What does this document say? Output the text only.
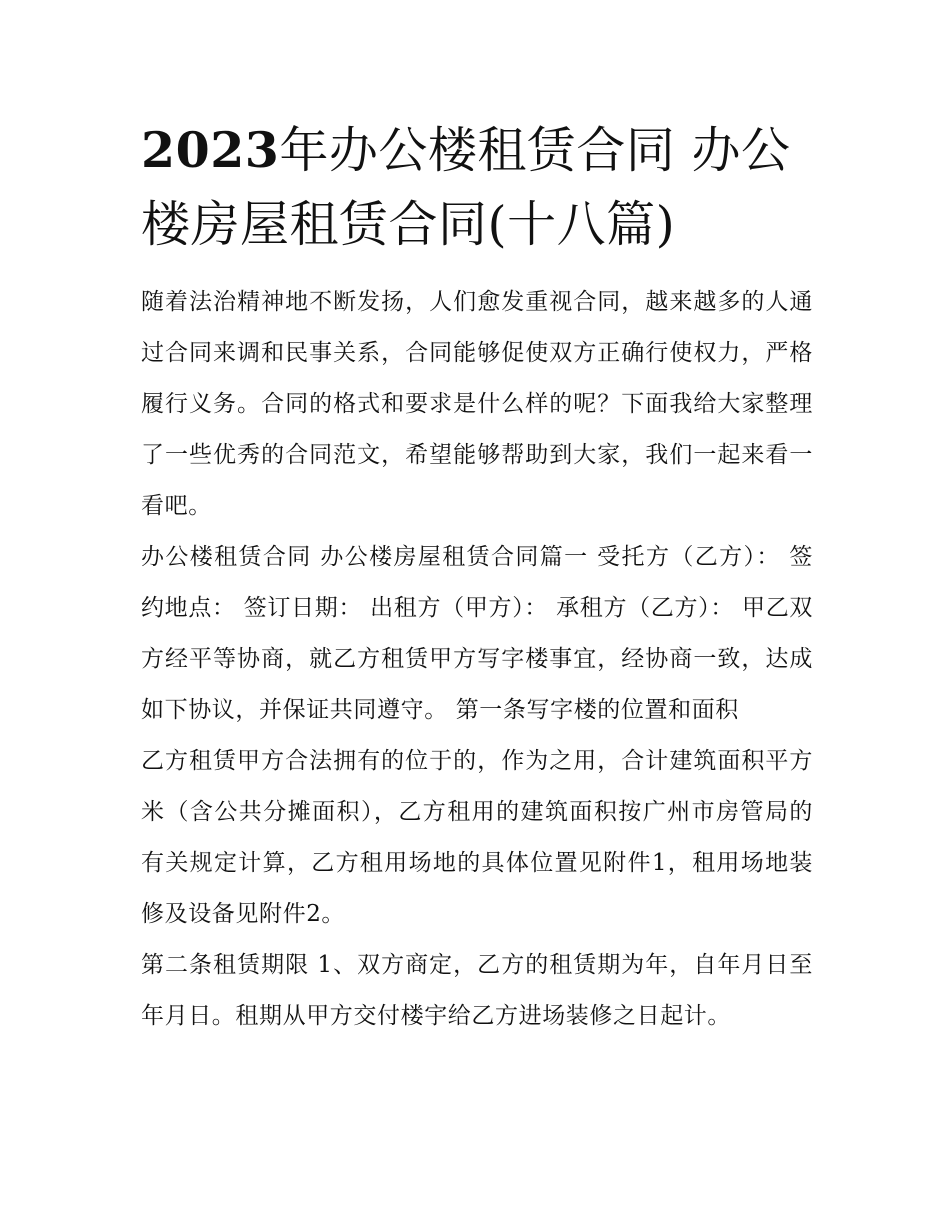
2023年办公楼租赁合同 办公楼房屋租赁合同(十八篇)

随着法治精神地不断发扬，人们愈发重视合同，越来越多的人通过合同来调和民事关系，合同能够促使双方正确行使权力，严格履行义务。合同的格式和要求是什么样的呢？下面我给大家整理了一些优秀的合同范文，希望能够帮助到大家，我们一起来看一看吧。

办公楼租赁合同 办公楼房屋租赁合同篇一 受托方（乙方）： 签约地点： 签订日期： 出租方（甲方）： 承租方（乙方）： 甲乙双方经平等协商，就乙方租赁甲方写字楼事宜，经协商一致，达成如下协议，并保证共同遵守。 第一条写字楼的位置和面积

乙方租赁甲方合法拥有的位于的，作为之用，合计建筑面积平方米（含公共分摊面积），乙方租用的建筑面积按广州市房管局的有关规定计算，乙方租用场地的具体位置见附件1，租用场地装修及设备见附件2。

第二条租赁期限 1、双方商定，乙方的租赁期为年，自年月日至年月日。租期从甲方交付楼宇给乙方进场装修之日起计。
